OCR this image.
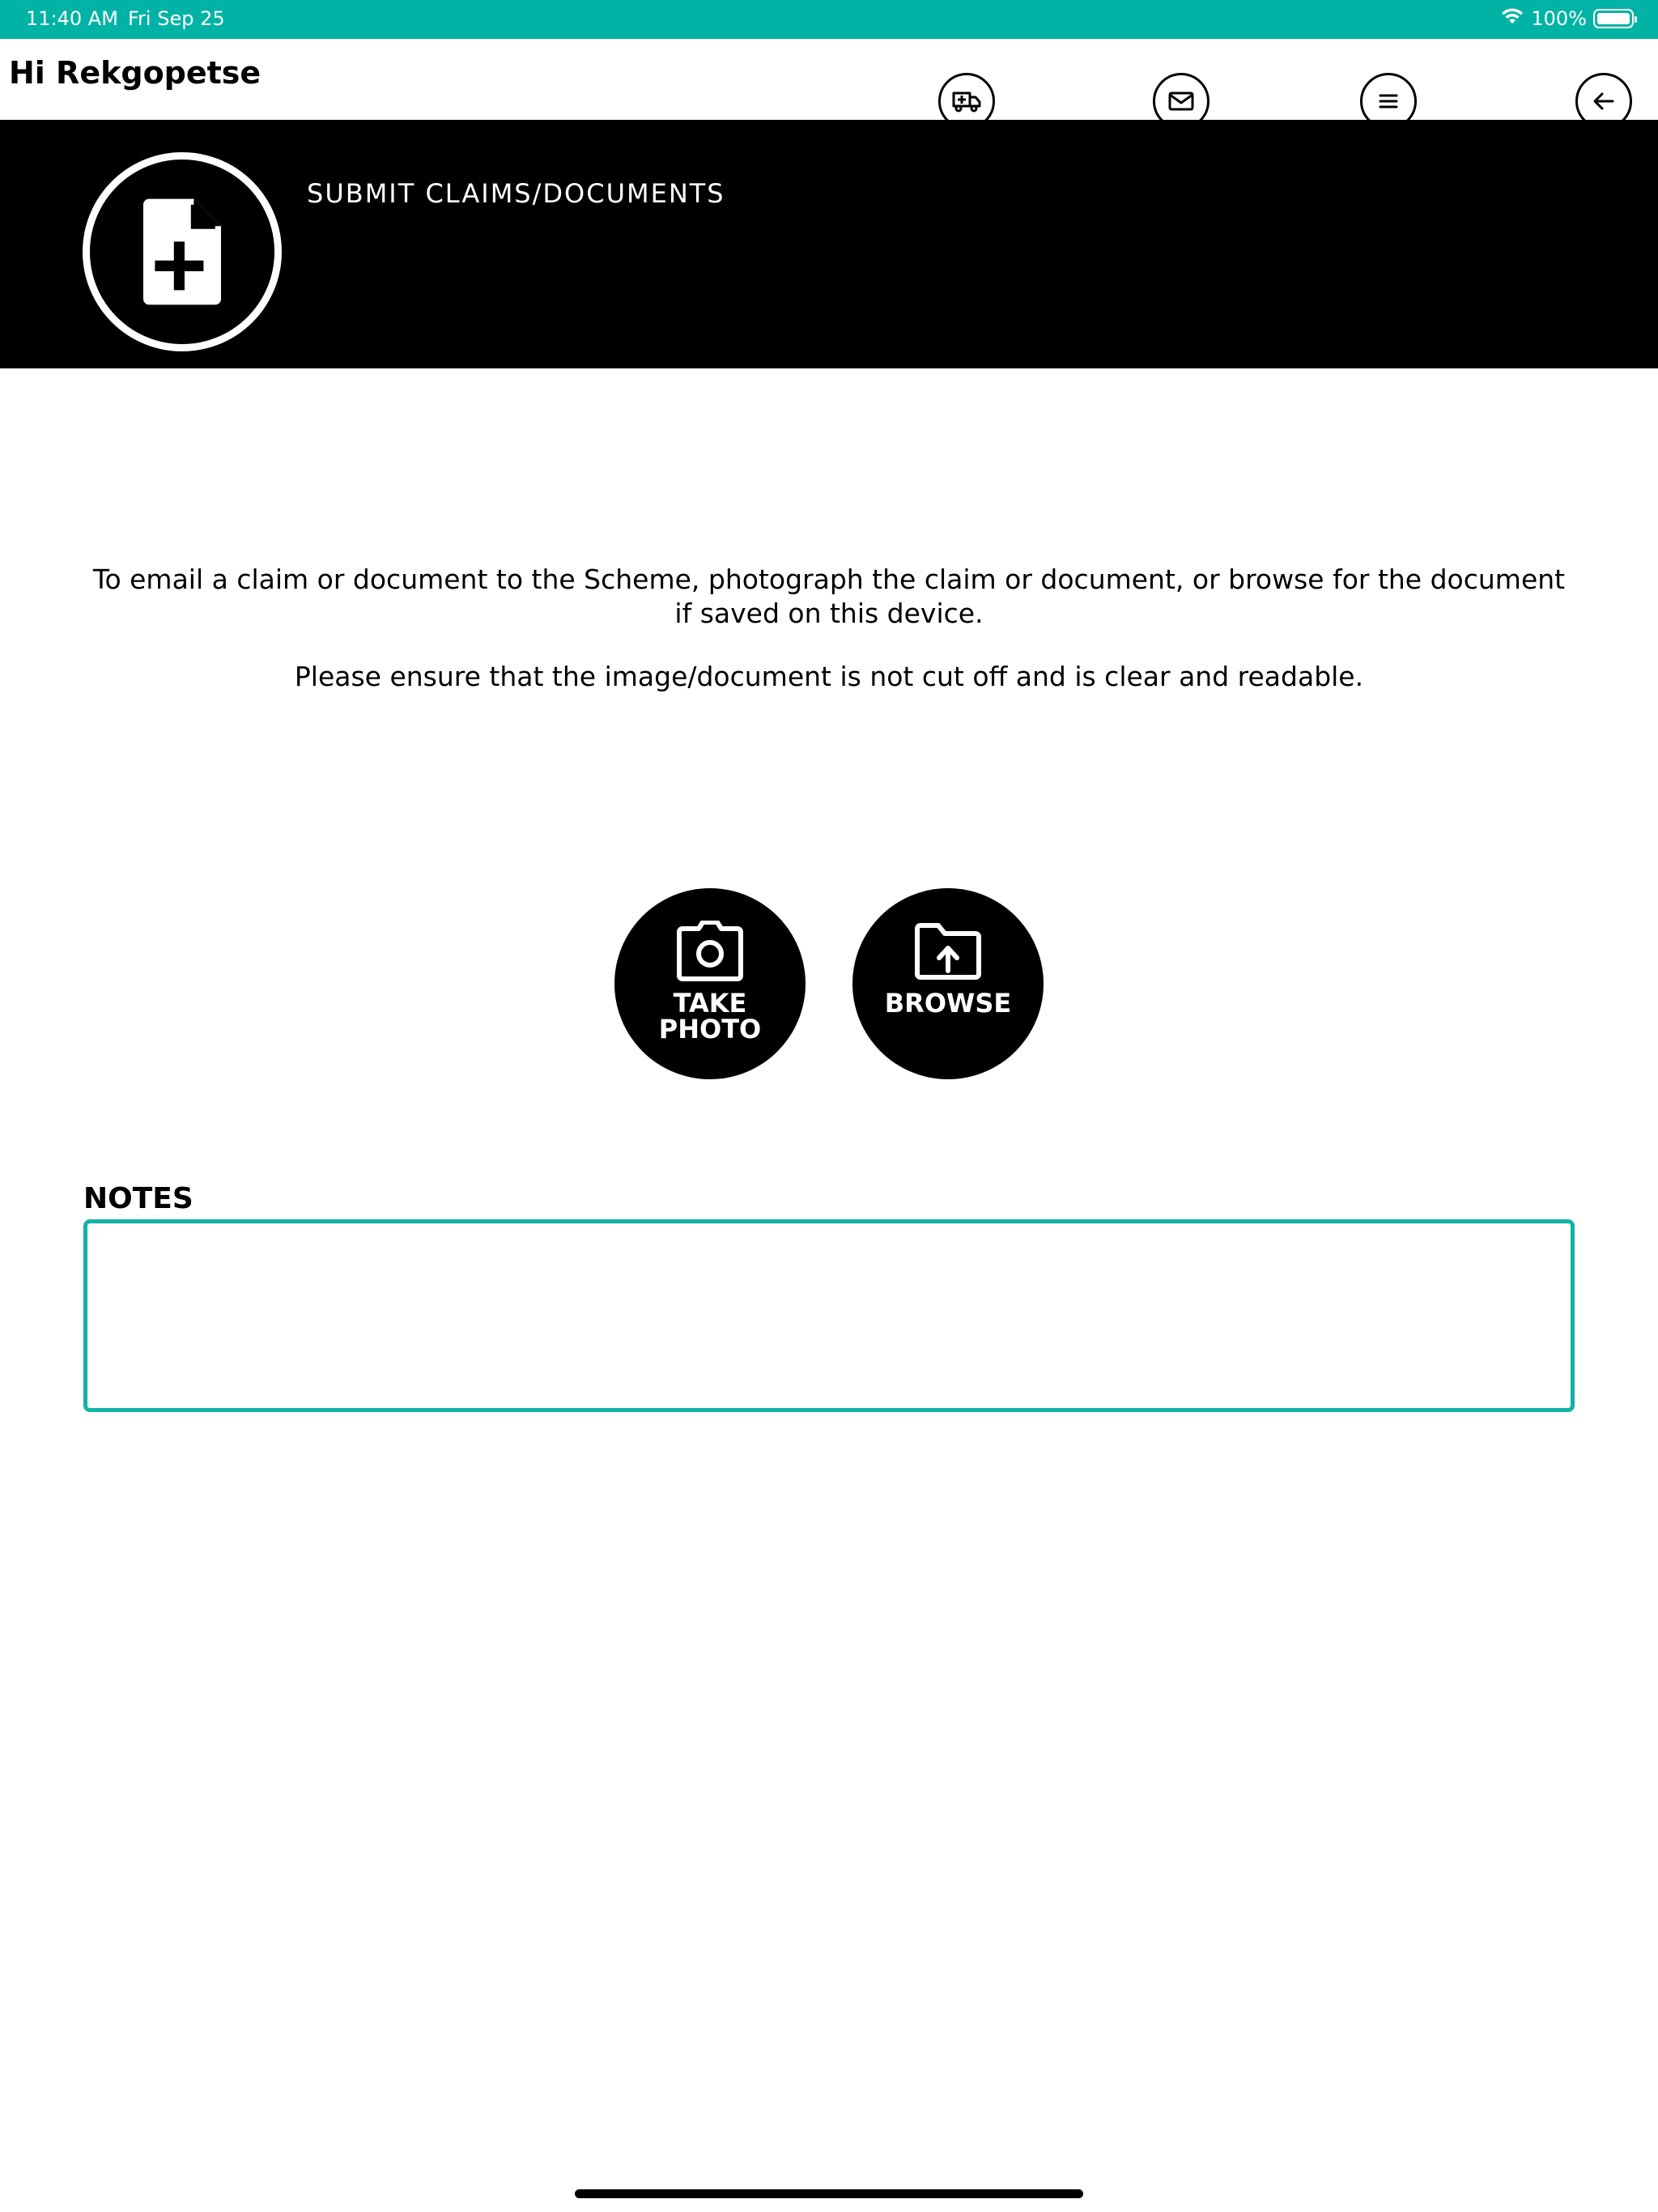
11:40 AM Fri Sep 25	100%
Hi Rekgopetse
SUBMIT CLAIMS/DOCUMENTS

To email a claim or document to the Scheme, photograph the claim or document, or browse for the document if saved on this device.

Please ensure that the image/document is not cut off and is clear and readable.

TAKE
PHOTO
BROWSE
NOTES
